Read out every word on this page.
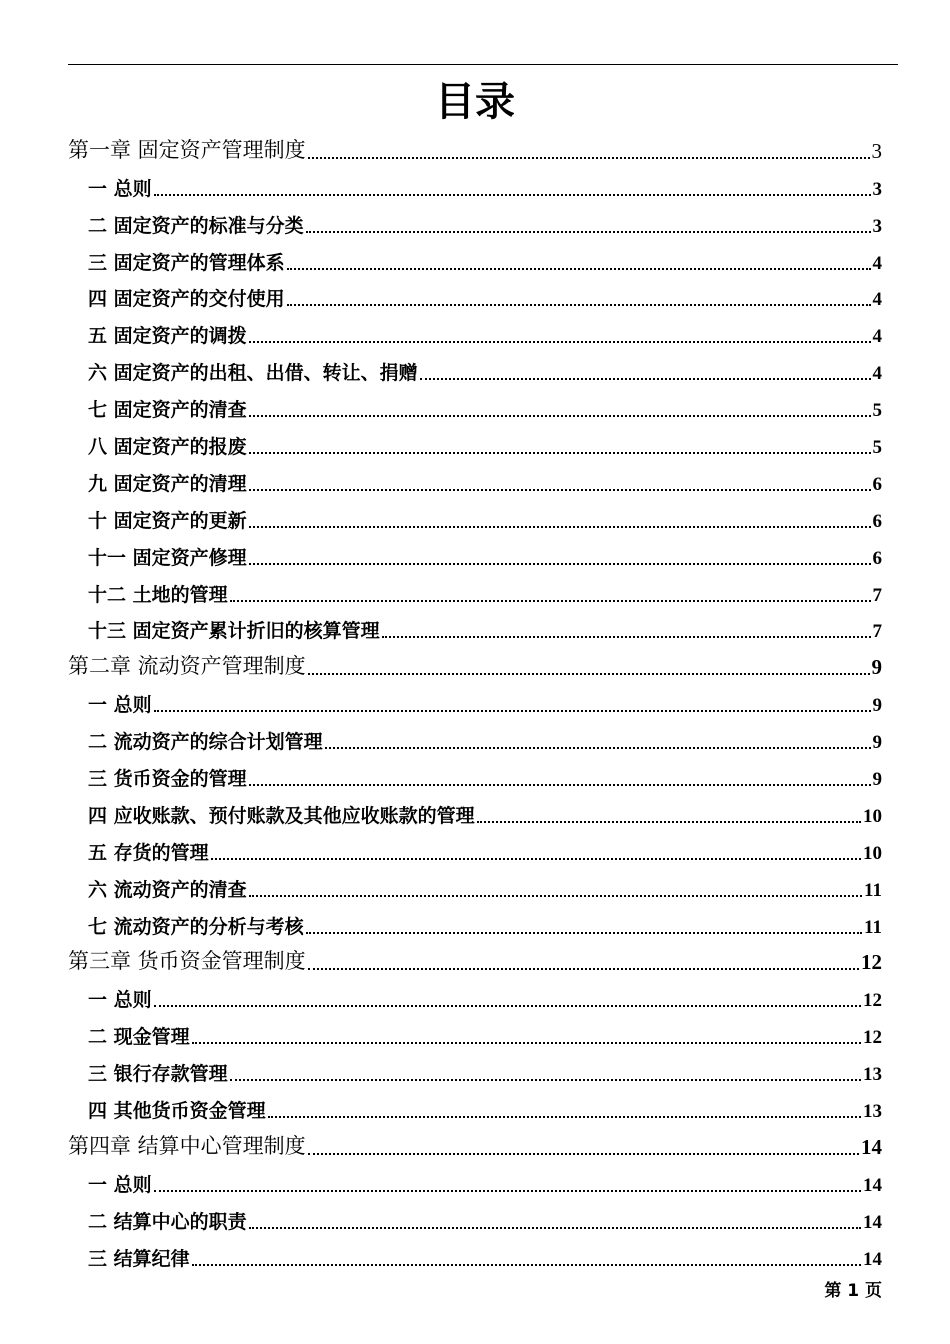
目录
第一章 固定资产管理制度	3
一 总则	3
二 固定资产的标准与分类	3
三 固定资产的管理体系	4
四 固定资产的交付使用	4
五 固定资产的调拨	4
六 固定资产的出租、出借、转让、捐赠	4
七 固定资产的清查	5
八 固定资产的报废	5
九 固定资产的清理	6
十 固定资产的更新	6
十一 固定资产修理	6
十二 土地的管理	7
十三 固定资产累计折旧的核算管理	7
第二章 流动资产管理制度	9
一 总则	9
二 流动资产的综合计划管理	9
三 货币资金的管理	9
四 应收账款、预付账款及其他应收账款的管理	10
五 存货的管理	10
六 流动资产的清查	11
七 流动资产的分析与考核	11
第三章 货币资金管理制度	12
一 总则	12
二 现金管理	12
三 银行存款管理	13
四 其他货币资金管理	13
第四章 结算中心管理制度	14
一 总则	14
二 结算中心的职责	14
三 结算纪律	14
第 1 页
